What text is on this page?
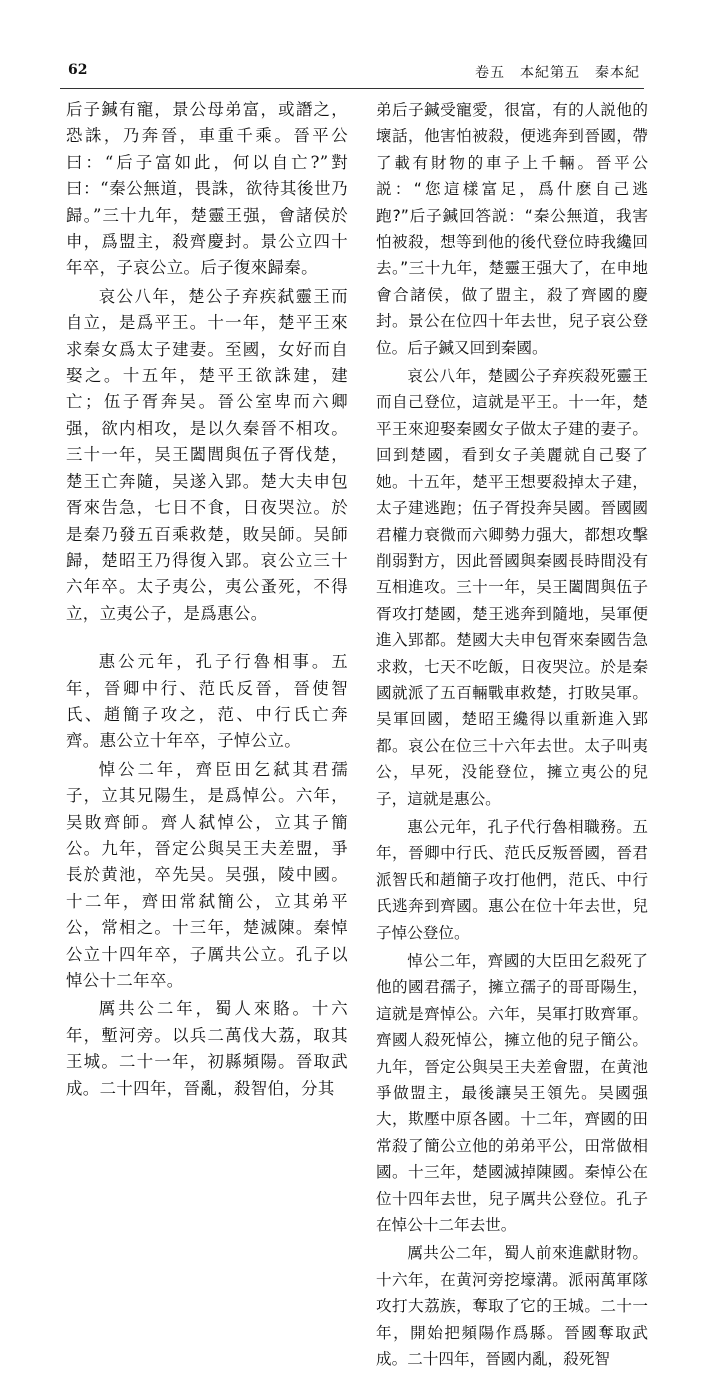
62	卷五　本紀第五　秦本紀

后子鍼有寵，景公母弟富，或譖之，恐誅，乃奔晉，車重千乘。晉平公曰：“后子富如此，何以自亡?”對曰：“秦公無道，畏誅，欲待其後世乃歸。”三十九年，楚靈王强，會諸侯於申，爲盟主，殺齊慶封。景公立四十年卒，子哀公立。后子復來歸秦。

哀公八年，楚公子弃疾弑靈王而自立，是爲平王。十一年，楚平王來求秦女爲太子建妻。至國，女好而自娶之。十五年，楚平王欲誅建，建亡；伍子胥奔吴。晉公室卑而六卿强，欲内相攻，是以久秦晉不相攻。三十一年，吴王闔閭與伍子胥伐楚，楚王亡奔隨，吴遂入郢。楚大夫申包胥來告急，七日不食，日夜哭泣。於是秦乃發五百乘救楚，敗吴師。吴師歸，楚昭王乃得復入郢。哀公立三十六年卒。太子夷公，夷公蚤死，不得立，立夷公子，是爲惠公。

惠公元年，孔子行魯相事。五年，晉卿中行、范氏反晉，晉使智氏、趙簡子攻之，范、中行氏亡奔齊。惠公立十年卒，子悼公立。

悼公二年，齊臣田乞弑其君孺子，立其兄陽生，是爲悼公。六年，吴敗齊師。齊人弑悼公，立其子簡公。九年，晉定公與吴王夫差盟，爭長於黄池，卒先吴。吴强，陵中國。十二年，齊田常弑簡公，立其弟平公，常相之。十三年，楚滅陳。秦悼公立十四年卒，子厲共公立。孔子以悼公十二年卒。

厲共公二年，蜀人來賂。十六年，塹河旁。以兵二萬伐大荔，取其王城。二十一年，初縣頻陽。晉取武成。二十四年，晉亂，殺智伯，分其

弟后子鍼受寵愛，很富，有的人説他的壞話，他害怕被殺，便逃奔到晉國，帶了載有財物的車子上千輛。晉平公説：“您這樣富足，爲什麽自己逃跑?”后子鍼回答説：“秦公無道，我害怕被殺，想等到他的後代登位時我纔回去。”三十九年，楚靈王强大了，在申地會合諸侯，做了盟主，殺了齊國的慶封。景公在位四十年去世，兒子哀公登位。后子鍼又回到秦國。

哀公八年，楚國公子弃疾殺死靈王而自己登位，這就是平王。十一年，楚平王來迎娶秦國女子做太子建的妻子。回到楚國，看到女子美麗就自己娶了她。十五年，楚平王想要殺掉太子建，太子建逃跑；伍子胥投奔吴國。晉國國君權力衰微而六卿勢力强大，都想攻擊削弱對方，因此晉國與秦國長時間没有互相進攻。三十一年，吴王闔閭與伍子胥攻打楚國，楚王逃奔到隨地，吴軍便進入郢都。楚國大夫申包胥來秦國告急求救，七天不吃飯，日夜哭泣。於是秦國就派了五百輛戰車救楚，打敗吴軍。吴軍回國，楚昭王纔得以重新進入郢都。哀公在位三十六年去世。太子叫夷公，早死，没能登位，擁立夷公的兒子，這就是惠公。

惠公元年，孔子代行魯相職務。五年，晉卿中行氏、范氏反叛晉國，晉君派智氏和趙簡子攻打他們，范氏、中行氏逃奔到齊國。惠公在位十年去世，兒子悼公登位。

悼公二年，齊國的大臣田乞殺死了他的國君孺子，擁立孺子的哥哥陽生，這就是齊悼公。六年，吴軍打敗齊軍。齊國人殺死悼公，擁立他的兒子簡公。九年，晉定公與吴王夫差會盟，在黄池爭做盟主，最後讓吴王領先。吴國强大，欺壓中原各國。十二年，齊國的田常殺了簡公立他的弟弟平公，田常做相國。十三年，楚國滅掉陳國。秦悼公在位十四年去世，兒子厲共公登位。孔子在悼公十二年去世。

厲共公二年，蜀人前來進獻財物。十六年，在黄河旁挖壕溝。派兩萬軍隊攻打大荔族，奪取了它的王城。二十一年，開始把頻陽作爲縣。晉國奪取武成。二十四年，晉國内亂，殺死智
